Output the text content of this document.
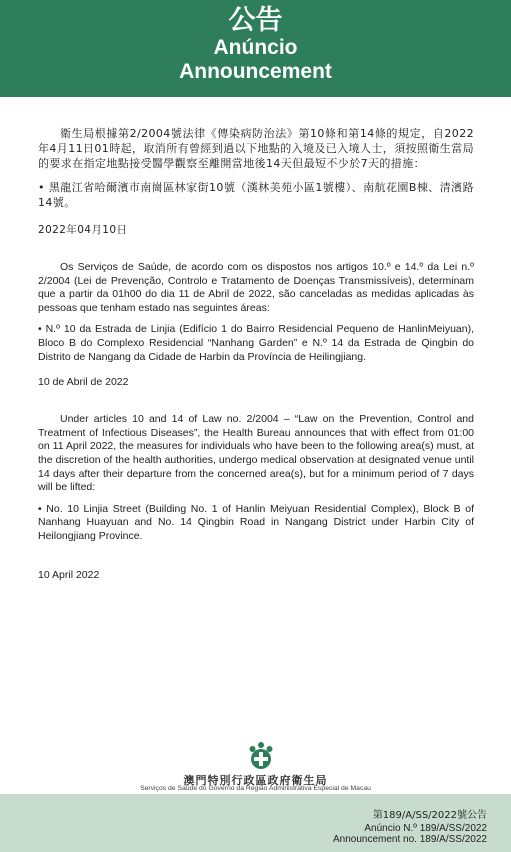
公告
Anúncio
Announcement

衛生局根據第2/2004號法律《傳染病防治法》第10條和第14條的規定，自2022年4月11日01時起，取消所有曾經到過以下地點的入境及已入境人士，須按照衛生當局的要求在指定地點接受醫學觀察至離開當地後14天但最短不少於7天的措施：

• 黑龍江省哈爾濱市南崗區林家街10號（漢林美苑小區1號樓）、南航花園B棟、清濱路14號。

2022年04月10日

Os Serviços de Saúde, de acordo com os dispostos nos artigos 10.º e 14.º da Lei n.º 2/2004 (Lei de Prevenção, Controlo e Tratamento de Doenças Transmissíveis), determinam que a partir da 01h00 do dia 11 de Abril de 2022, são canceladas as medidas aplicadas às pessoas que tenham estado nas seguintes áreas:

• N.º 10 da Estrada de Linjia (Edifício 1 do Bairro Residencial Pequeno de HanlinMeiyuan), Bloco B do Complexo Residencial “Nanhang Garden” e N.º 14 da Estrada de Qingbin do Distrito de Nangang da Cidade de Harbin da Província de Heilingjiang.

10 de Abril de 2022

Under articles 10 and 14 of Law no. 2/2004 – “Law on the Prevention, Control and Treatment of Infectious Diseases”, the Health Bureau announces that with effect from 01:00 on 11 April 2022, the measures for individuals who have been to the following area(s) must, at the discretion of the health authorities, undergo medical observation at designated venue until 14 days after their departure from the concerned area(s), but for a minimum period of 7 days will be lifted:

• No. 10 Linjia Street (Building No. 1 of Hanlin Meiyuan Residential Complex), Block B of Nanhang Huayuan and No. 14 Qingbin Road in Nangang District under Harbin City of Heilongjiang Province.

10 April 2022
澳門特別行政區政府衛生局
Serviços de Saúde do Governo da Região Administrativa Especial de Macau
第189/A/SS/2022號公告
Anúncio N.º 189/A/SS/2022
Announcement no. 189/A/SS/2022
